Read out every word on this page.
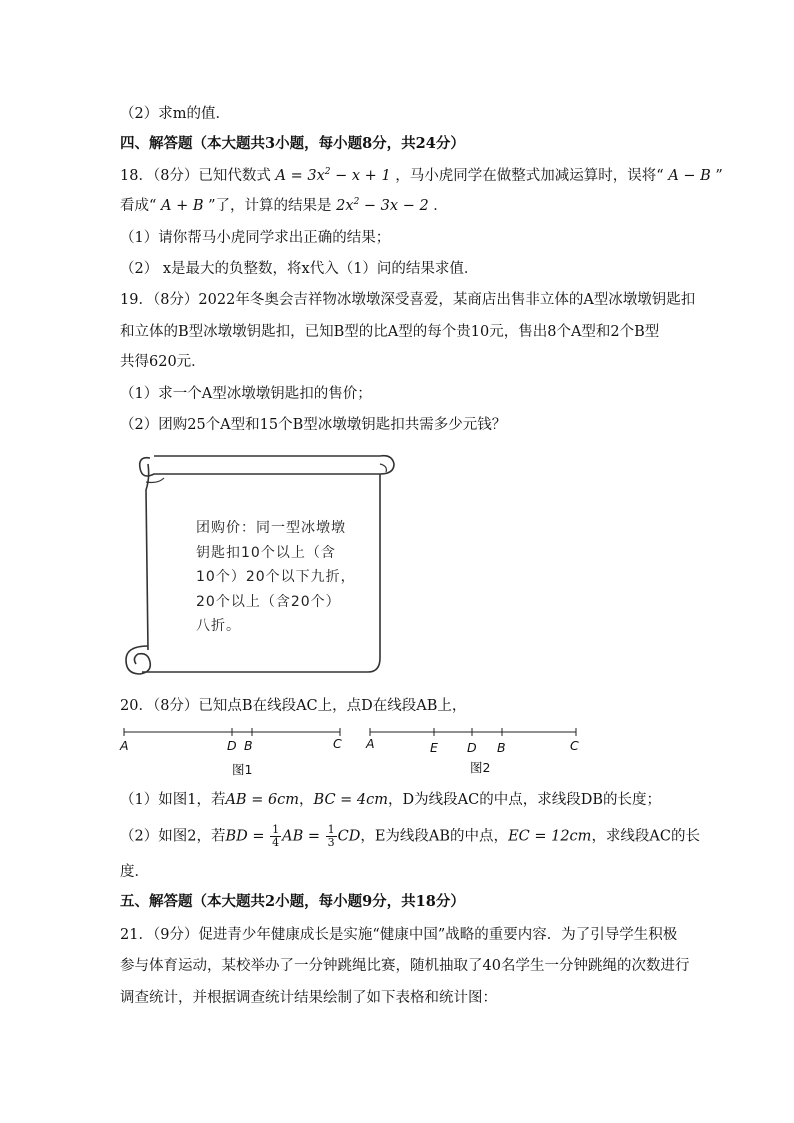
（2）求m的值．
四、解答题（本大题共3小题，每小题8分，共24分）
18．（8分）已知代数式 $A = 3x^2 - x + 1$ ，马小虎同学在做整式加减运算时，误将“ A − B ”
看成“ A + B ”了，计算的结果是 $2x^2 - 3x - 2$ ．
（1）请你帮马小虎同学求出正确的结果；
（2） x是最大的负整数，将x代入（1）问的结果求值．
19．（8分）2022年冬奥会吉祥物冰墩墩深受喜爱，某商店出售非立体的A型冰墩墩钥匙扣
和立体的B型冰墩墩钥匙扣，已知B型的比A型的每个贵10元，售出8个A型和2个B型
共得620元．
（1）求一个A型冰墩墩钥匙扣的售价；
（2）团购25个A型和15个B型冰墩墩钥匙扣共需多少元钱？
团购价：同一型冰墩墩
钥匙扣10个以上（含
10个）20个以下九折，
20个以上（含20个）
八折。
20．（8分）已知点B在线段AC上，点D在线段AB上，
A	D B	C
图1
A	E D B	C
图2
（1）如图1，若AB = 6cm，BC = 4cm，D为线段AC的中点，求线段DB的长度；
（2）如图2，若BD = $\frac{1}{4}$ AB = $\frac{1}{3}$ CD，E为线段AB的中点，EC = 12cm，求线段AC的长
度．
五、解答题（本大题共2小题，每小题9分，共18分）
21．（9分）促进青少年健康成长是实施“健康中国”战略的重要内容．为了引导学生积极
参与体育运动，某校举办了一分钟跳绳比赛，随机抽取了40名学生一分钟跳绳的次数进行
调查统计，并根据调查统计结果绘制了如下表格和统计图：
